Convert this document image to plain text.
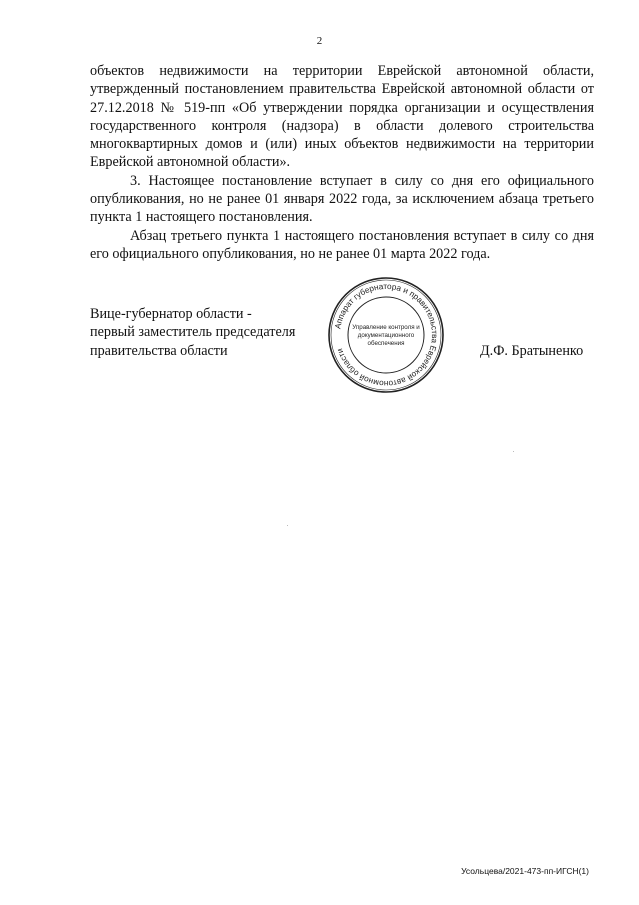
2

объектов недвижимости на территории Еврейской автономной области, утвержденный постановлением правительства Еврейской автономной области от 27.12.2018 № 519-пп «Об утверждении порядка организации и осуществления государственного контроля (надзора) в области долевого строительства многоквартирных домов и (или) иных объектов недвижимости на территории Еврейской автономной области».

3. Настоящее постановление вступает в силу со дня его официального опубликования, но не ранее 01 января 2022 года, за исключением абзаца третьего пункта 1 настоящего постановления.

Абзац третьего пункта 1 настоящего постановления вступает в силу со дня его официального опубликования, но не ранее 01 марта 2022 года.

Вице-губернатор области -
первый заместитель председателя
правительства области
Аппарат губернатора и правительства Еврейской автономной области
Управление контроля и
документационного
обеспечения	Д.Ф. Братыненко
Усольцева/2021-473-пп-ИГСН(1)
